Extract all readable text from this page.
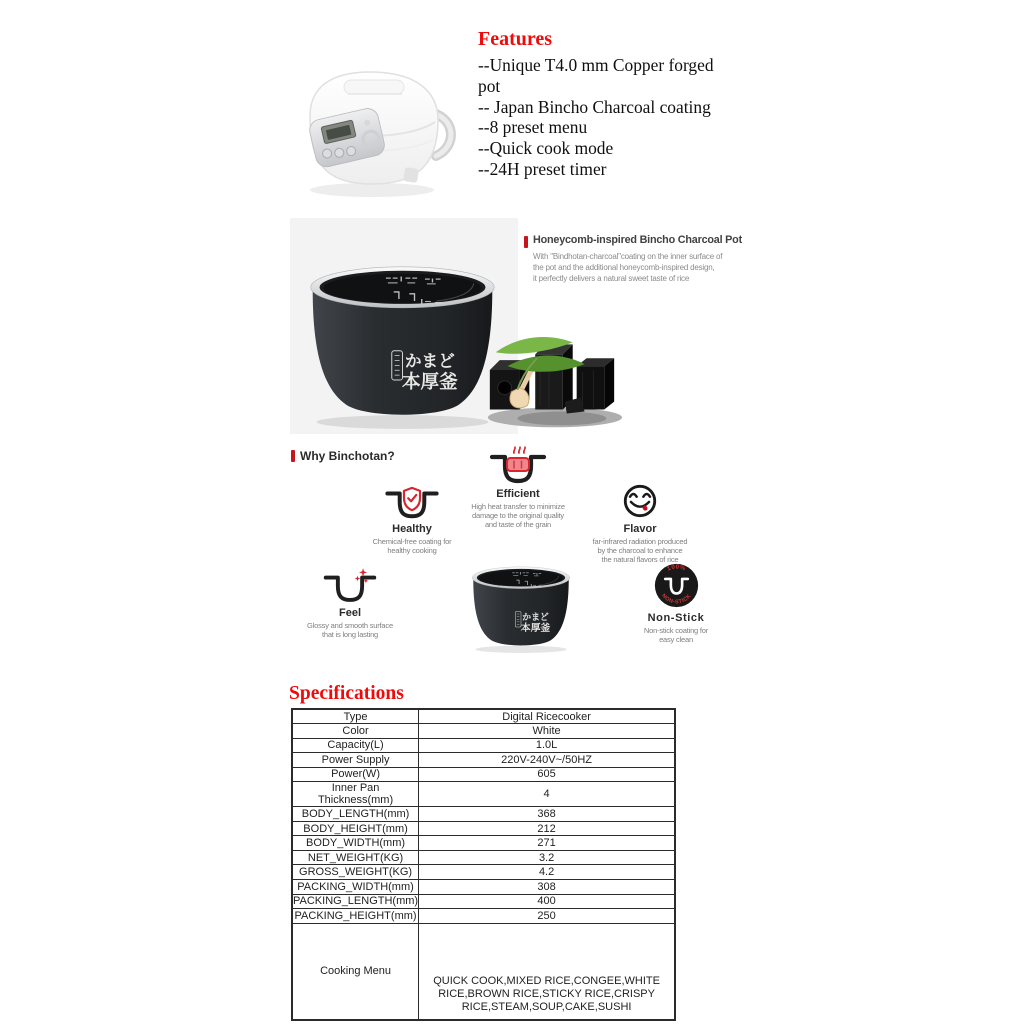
Features
--Unique T4.0 mm Copper forged pot
-- Japan Bincho Charcoal coating
--8 preset menu
--Quick cook mode
--24H preset timer
かまど
本厚釜
Honeycomb-inspired Bincho Charcoal Pot
With "Bindhotan-charcoal"coating on the inner surface of
the pot and the additional honeycomb-inspired design,
it perfectly delivers a natural sweet taste of rice
Why Binchotan?
Healthy
Chemical-free coating for
healthy cooking
Efficient
High heat transfer to minimize
damage to the original quality
and taste of the grain	Flavor
far-infrared radiation produced
by the charcoal to enhance
the natural flavors of rice
Feel
Glossy and smooth surface
that is long lasting
100%
NON-STICK
Non-Stick
Non-stick coating for
easy clean
Specifications
Type	Digital Ricecooker
Color	White
Capacity(L)	1.0L
Power Supply	220V-240V~/50HZ
Power(W)	605
Inner Pan Thickness(mm)	4
BODY_LENGTH(mm)	368
BODY_HEIGHT(mm)	212
BODY_WIDTH(mm)	271
NET_WEIGHT(KG)	3.2
GROSS_WEIGHT(KG)	4.2
PACKING_WIDTH(mm)	308
PACKING_LENGTH(mm)	400
PACKING_HEIGHT(mm)	250
Cooking Menu	QUICK COOK,MIXED RICE,CONGEE,WHITE
RICE,BROWN RICE,STICKY RICE,CRISPY
RICE,STEAM,SOUP,CAKE,SUSHI
